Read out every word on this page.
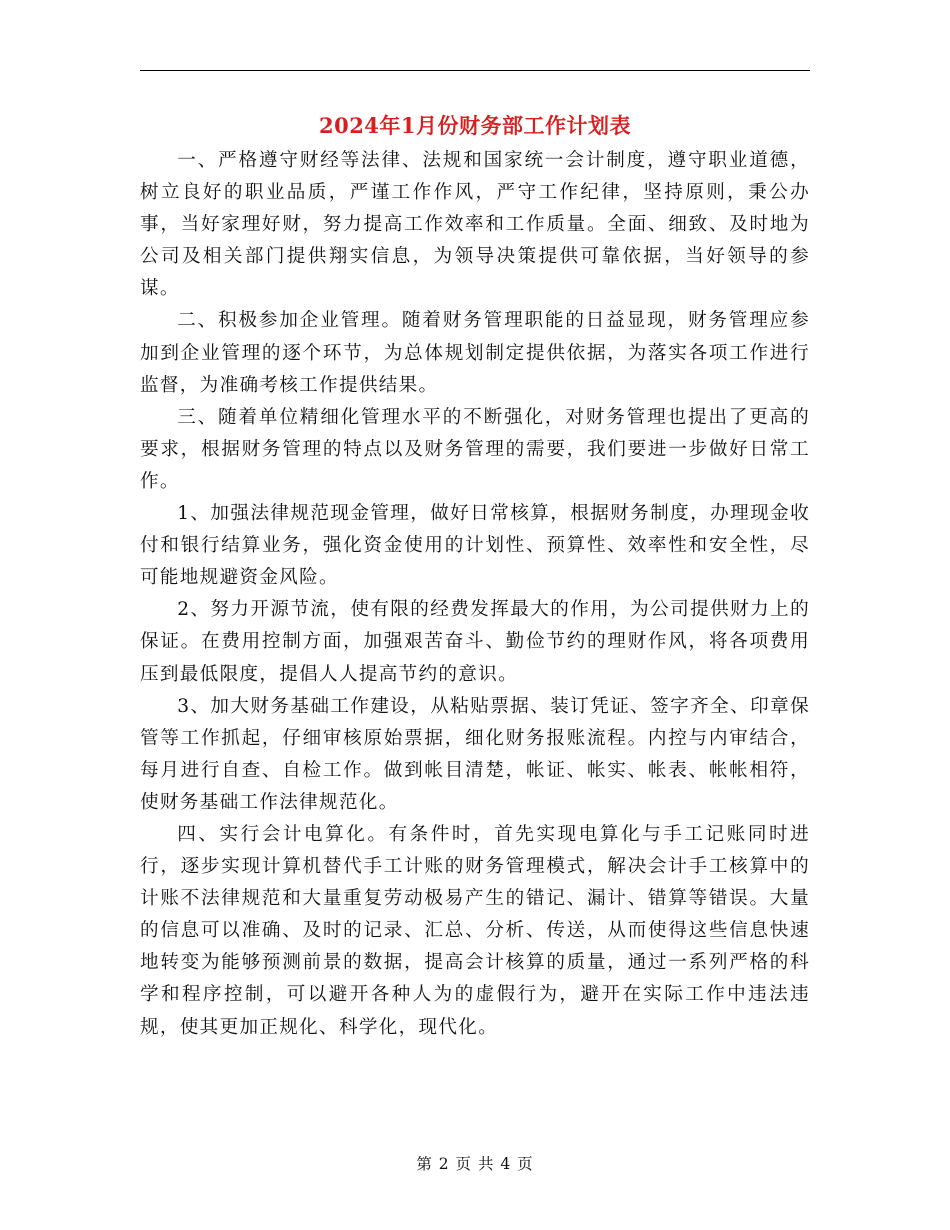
2024年1月份财务部工作计划表

一、严格遵守财经等法律、法规和国家统一会计制度，遵守职业道德，树立良好的职业品质，严谨工作作风，严守工作纪律，坚持原则，秉公办事，当好家理好财，努力提高工作效率和工作质量。全面、细致、及时地为公司及相关部门提供翔实信息，为领导决策提供可靠依据，当好领导的参谋。

二、积极参加企业管理。随着财务管理职能的日益显现，财务管理应参加到企业管理的逐个环节，为总体规划制定提供依据，为落实各项工作进行监督，为准确考核工作提供结果。

三、随着单位精细化管理水平的不断强化，对财务管理也提出了更高的要求，根据财务管理的特点以及财务管理的需要，我们要进一步做好日常工作。

1、加强法律规范现金管理，做好日常核算，根据财务制度，办理现金收付和银行结算业务，强化资金使用的计划性、预算性、效率性和安全性，尽可能地规避资金风险。

2、努力开源节流，使有限的经费发挥最大的作用，为公司提供财力上的保证。在费用控制方面，加强艰苦奋斗、勤俭节约的理财作风，将各项费用压到最低限度，提倡人人提高节约的意识。

3、加大财务基础工作建设，从粘贴票据、装订凭证、签字齐全、印章保管等工作抓起，仔细审核原始票据，细化财务报账流程。内控与内审结合，每月进行自查、自检工作。做到帐目清楚，帐证、帐实、帐表、帐帐相符，使财务基础工作法律规范化。

四、实行会计电算化。有条件时，首先实现电算化与手工记账同时进行，逐步实现计算机替代手工计账的财务管理模式，解决会计手工核算中的计账不法律规范和大量重复劳动极易产生的错记、漏计、错算等错误。大量的信息可以准确、及时的记录、汇总、分析、传送，从而使得这些信息快速地转变为能够预测前景的数据，提高会计核算的质量，通过一系列严格的科学和程序控制，可以避开各种人为的虚假行为，避开在实际工作中违法违规，使其更加正规化、科学化，现代化。

第 2 页 共 4 页
